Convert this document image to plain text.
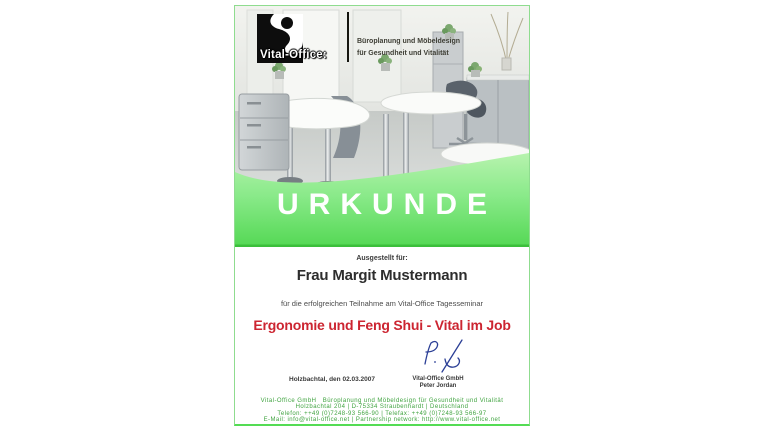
Vital-Office:
Büroplanung und Möbeldesign
für Gesundheit und Vitalität
URKUNDE
Ausgestellt für:
Frau Margit Mustermann
für die erfolgreichen Teilnahme am Vital-Office Tagesseminar
Ergonomie und Feng Shui - Vital im Job
Holzbachtal, den 02.03.2007	Vital-Office GmbH
Peter Jordan
Vital-Office GmbH   Büroplanung und Möbeldesign für Gesundheit und Vitalität
Holzbachtal 204 | D-75334 Straubenhardt | Deutschland
Telefon: ++49 (0)7248-93 566-90 | Telefax: ++49 (0)7248-93 566-97
E-Mail: info@vital-office.net | Partnership network: http://www.vital-office.net
